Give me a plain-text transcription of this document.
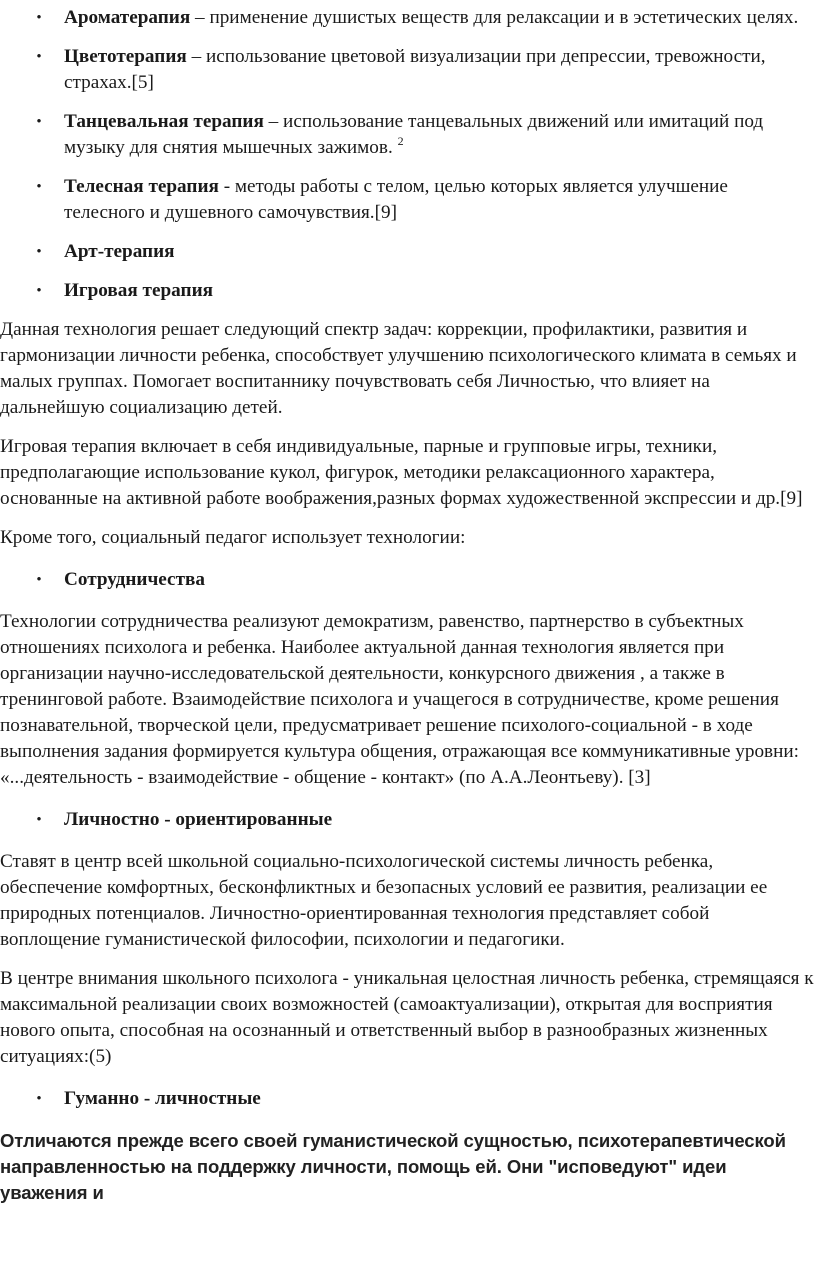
•	Ароматерапия – применение душистых веществ для релаксации и в эстетических целях.
•	Цветотерапия – использование цветовой визуализации при депрессии, тревожности, страхах.[5]
•	Танцевальная терапия – использование танцевальных движений или имитаций под музыку для снятия мышечных зажимов. $^2$
•	Телесная терапия - методы работы с телом, целью которых является улучшение телесного и душевного самочувствия.[9]
•	Арт-терапия
•	Игровая терапия

Данная технология решает следующий спектр задач: коррекции, профилактики, развития и гармонизации личности ребенка, способствует улучшению психологического климата в семьях и малых группах. Помогает воспитаннику почувствовать себя Личностью, что влияет на дальнейшую социализацию детей.

Игровая терапия включает в себя индивидуальные, парные и групповые игры, техники, предполагающие использование кукол, фигурок, методики релаксационного характера, основанные на активной работе воображения,разных формах художественной экспрессии и др.[9]

Кроме того, социальный педагог использует технологии:

•	Сотрудничества

Технологии сотрудничества реализуют демократизм, равенство, партнерство в субъектных отношениях психолога и ребенка. Наиболее актуальной данная технология является при организации научно-исследовательской деятельности, конкурсного движения , а также в тренинговой работе. Взаимодействие психолога и учащегося в сотрудничестве, кроме решения познавательной, творческой цели, предусматривает решение психолого-социальной - в ходе выполнения задания формируется культура общения, отражающая все коммуникативные уровни: «...деятельность - взаимодействие - общение - контакт» (по А.А.Леонтьеву). [3]

•	Личностно - ориентированные

Ставят в центр всей школьной социально-психологической системы личность ребенка, обеспечение комфортных, бесконфликтных и безопасных условий ее развития, реализации ее природных потенциалов. Личностно-ориентированная технология представляет собой воплощение гуманистической философии, психологии и педагогики.

В центре внимания школьного психолога - уникальная целостная личность ребенка, стремящаяся к максимальной реализации своих возможностей (самоактуализации), открытая для восприятия нового опыта, способная на осознанный и ответственный выбор в разнообразных жизненных ситуациях:(5)

•	Гуманно - личностные

Отличаются прежде всего своей гуманистической сущностью, психотерапевтической направленностью на поддержку личности, помощь ей. Они "исповедуют" идеи уважения и
